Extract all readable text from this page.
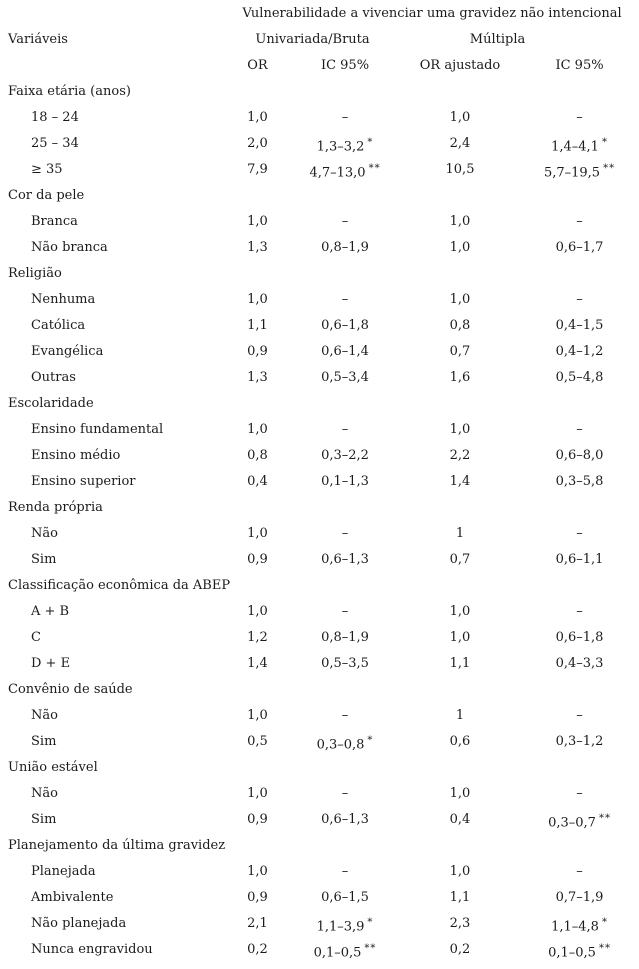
	Vulnerabilidade a vivenciar uma gravidez não intencional			
Variáveis	Univariada/Bruta		Múltipla	
	OR	IC 95%	OR ajustado	IC 95%
Faixa etária (anos)				
18 – 24	1,0	–	1,0	–
25 – 34	2,0	1,3–3,2 *	2,4	1,4–4,1 *
≥ 35	7,9	4,7–13,0 **	10,5	5,7–19,5 **
Cor da pele				
Branca	1,0	–	1,0	–
Não branca	1,3	0,8–1,9	1,0	0,6–1,7
Religião				
Nenhuma	1,0	–	1,0	–
Católica	1,1	0,6–1,8	0,8	0,4–1,5
Evangélica	0,9	0,6–1,4	0,7	0,4–1,2
Outras	1,3	0,5–3,4	1,6	0,5–4,8
Escolaridade				
Ensino fundamental	1,0	–	1,0	–
Ensino médio	0,8	0,3–2,2	2,2	0,6–8,0
Ensino superior	0,4	0,1–1,3	1,4	0,3–5,8
Renda própria				
Não	1,0	–	1	–
Sim	0,9	0,6–1,3	0,7	0,6–1,1
Classificação econômica da ABEP				
A + B	1,0	–	1,0	–
C	1,2	0,8–1,9	1,0	0,6–1,8
D + E	1,4	0,5–3,5	1,1	0,4–3,3
Convênio de saúde				
Não	1,0	–	1	–
Sim	0,5	0,3–0,8 *	0,6	0,3–1,2
União estável				
Não	1,0	–	1,0	–
Sim	0,9	0,6–1,3	0,4	0,3–0,7 **
Planejamento da última gravidez				
Planejada	1,0	–	1,0	–
Ambivalente	0,9	0,6–1,5	1,1	0,7–1,9
Não planejada	2,1	1,1–3,9 *	2,3	1,1–4,8 *
Nunca engravidou	0,2	0,1–0,5 **	0,2	0,1–0,5 **
